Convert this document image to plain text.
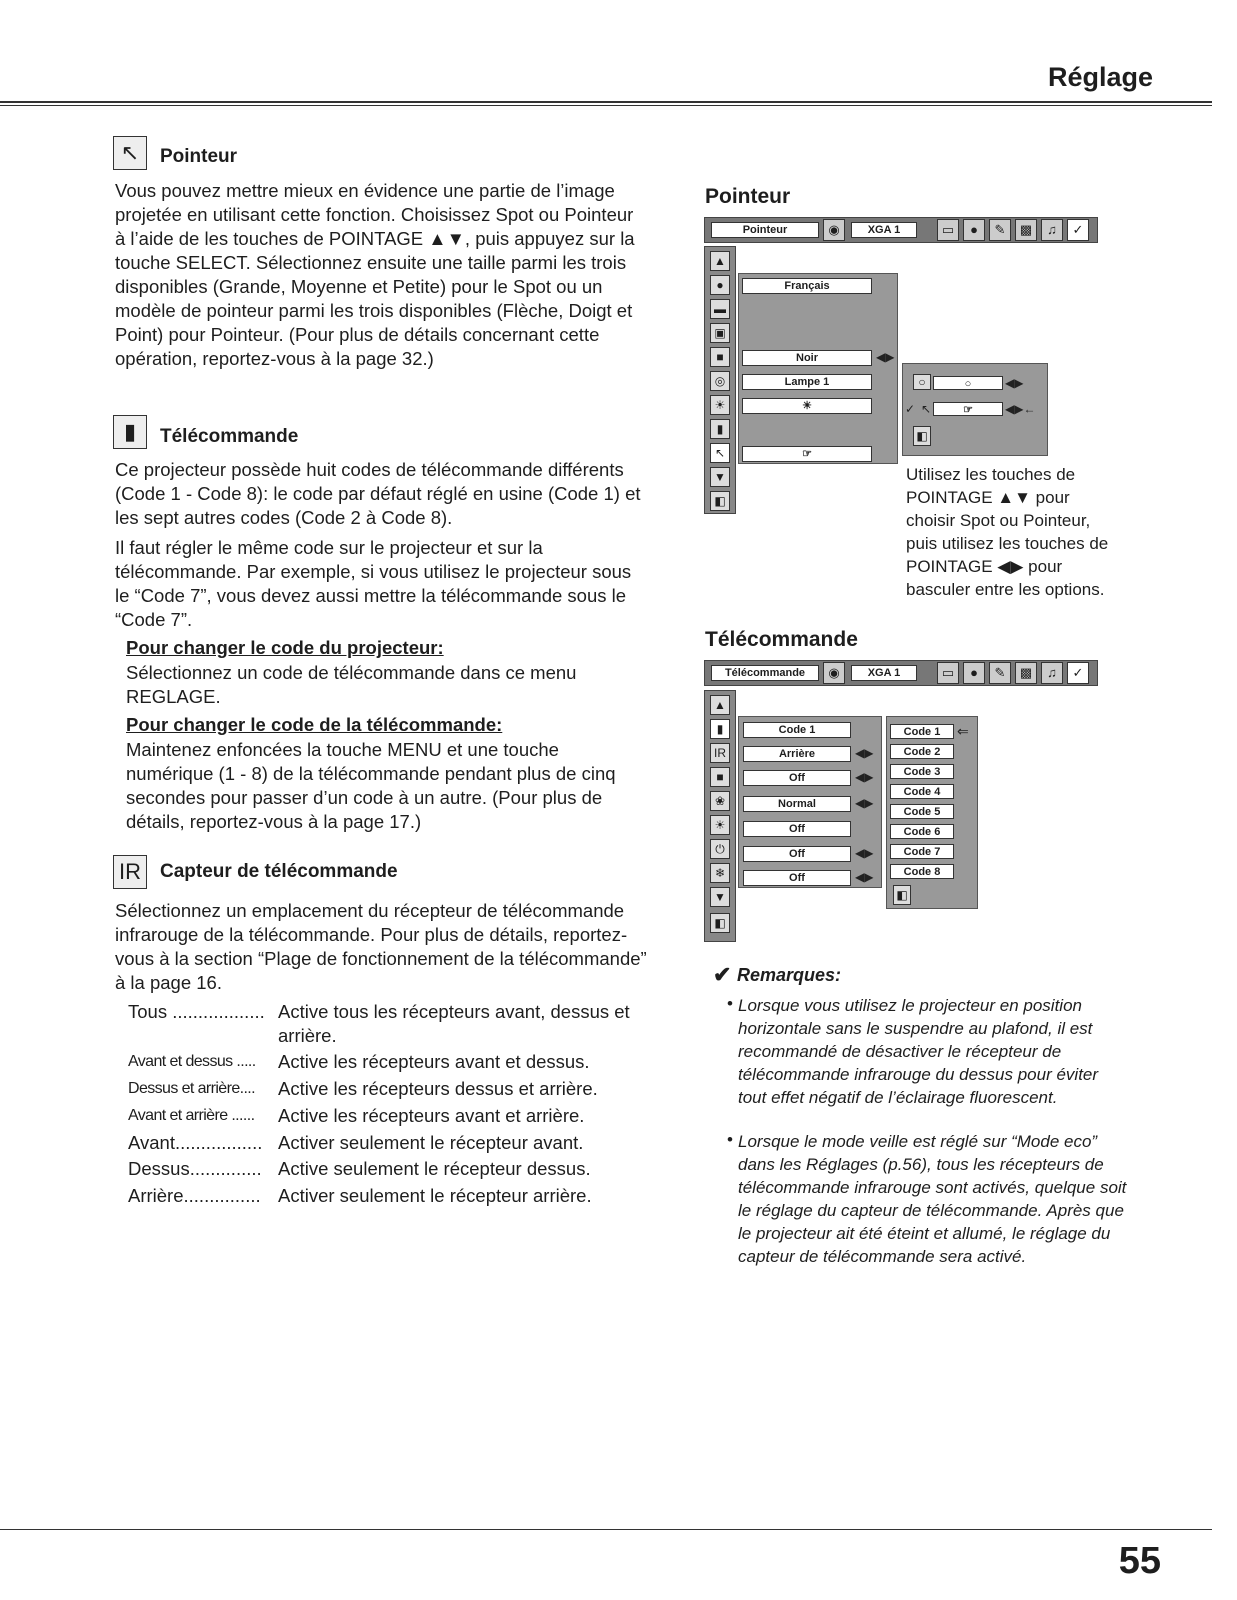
Réglage
↖	Pointeur
Vous pouvez mettre mieux en évidence une partie de l’image projetée en utilisant cette fonction. Choisissez Spot ou Pointeur à l’aide de les touches de POINTAGE ▲▼, puis appuyez sur la touche SELECT. Sélectionnez ensuite une taille parmi les trois disponibles (Grande, Moyenne et Petite) pour le Spot ou un modèle de pointeur parmi les trois disponibles (Flèche, Doigt et Point) pour Pointeur. (Pour plus de détails concernant cette opération, reportez-vous à la page 32.)
▮	Télécommande
Ce projecteur possède huit codes de télécommande différents (Code 1 - Code 8): le code par défaut réglé en usine (Code 1) et les sept autres codes (Code 2 à Code 8).
Il faut régler le même code sur le projecteur et sur la télécommande. Par exemple, si vous utilisez le projecteur sous le “Code 7”, vous devez aussi mettre la télécommande sous le “Code 7”.
Pour changer le code du projecteur:
Sélectionnez un code de télécommande dans ce menu REGLAGE.
Pour changer le code de la télécommande:
Maintenez enfoncées la touche MENU et une touche numérique (1 - 8) de la télécommande pendant plus de cinq secondes pour passer d’un code à un autre. (Pour plus de détails, reportez-vous à la page 17.)
IR	Capteur de télécommande
Sélectionnez un emplacement du récepteur de télécommande infrarouge de la télécommande. Pour plus de détails, reportez-vous à la section “Plage de fonctionnement de la télécommande” à la page 16.
Tous .................. Active tous les récepteurs avant, dessus et arrière.
Avant et dessus .....	Active les récepteurs avant et dessus.
Dessus et arrière....	Active les récepteurs dessus et arrière.
Avant et arrière ......	Active les récepteurs avant et arrière.
Avant................. Activer seulement le récepteur avant.
Dessus.............. Active seulement le récepteur dessus.
Arrière............... Activer seulement le récepteur arrière.
Pointeur
Pointeur	◉	XGA 1	▭	●	✎	▩	♫	✓
▲
●
▬
▣
■
◎
☀
▮
↖
▼
◧
Français
Noir	◀▶
Lampe 1
☀
☞
○	○	◀▶
✓ ↖	☞	◀▶←
◧
Utilisez les touches de POINTAGE ▲▼ pour choisir Spot ou Pointeur, puis utilisez les touches de POINTAGE ◀▶ pour basculer entre les options.
Télécommande
Télécommande	◉	XGA 1	▭	●	✎	▩	♫	✓
▲
▮
IR
■
❀
☀
⏻
❄
▼
◧
Code 1
Arrière	◀▶
Off	◀▶
Normal	◀▶
Off
Off	◀▶
Off	◀▶
Code 1	⇐
Code 2
Code 3
Code 4
Code 5
Code 6
Code 7
Code 8
◧
✔ Remarques:
• Lorsque vous utilisez le projecteur en position horizontale sans le suspendre au plafond, il est recommandé de désactiver le récepteur de télécommande infrarouge du dessus pour éviter tout effet négatif de l’éclairage fluorescent.
• Lorsque le mode veille est réglé sur “Mode eco” dans les Réglages (p.56), tous les récepteurs de télécommande infrarouge sont activés, quelque soit le réglage du capteur de télécommande. Après que le projecteur ait été éteint et allumé, le réglage du capteur de télécommande sera activé.
55
